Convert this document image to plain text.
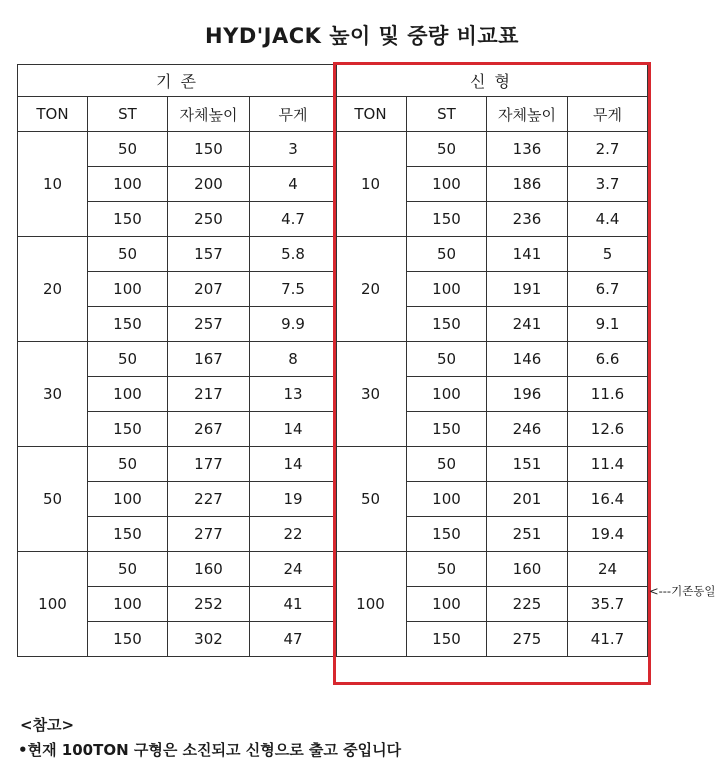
HYD'JACK 높이 및 중량 비교표
기 존			
TON	ST	자체높이	무게
10	50	150	3
	100	200	4
	150	250	4.7
20	50	157	5.8
	100	207	7.5
	150	257	9.9
30	50	167	8
	100	217	13
	150	267	14
50	50	177	14
	100	227	19
	150	277	22
100	50	160	24
	100	252	41
	150	302	47
신 형			
TON	ST	자체높이	무게
10	50	136	2.7
	100	186	3.7
	150	236	4.4
20	50	141	5
	100	191	6.7
	150	241	9.1
30	50	146	6.6
	100	196	11.6
	150	246	12.6
50	50	151	11.4
	100	201	16.4
	150	251	19.4
100	50	160	24
	100	225	35.7
	150	275	41.7
<---기존동일
<참고>
•현재 100TON 구형은 소진되고 신형으로 출고 중입니다
